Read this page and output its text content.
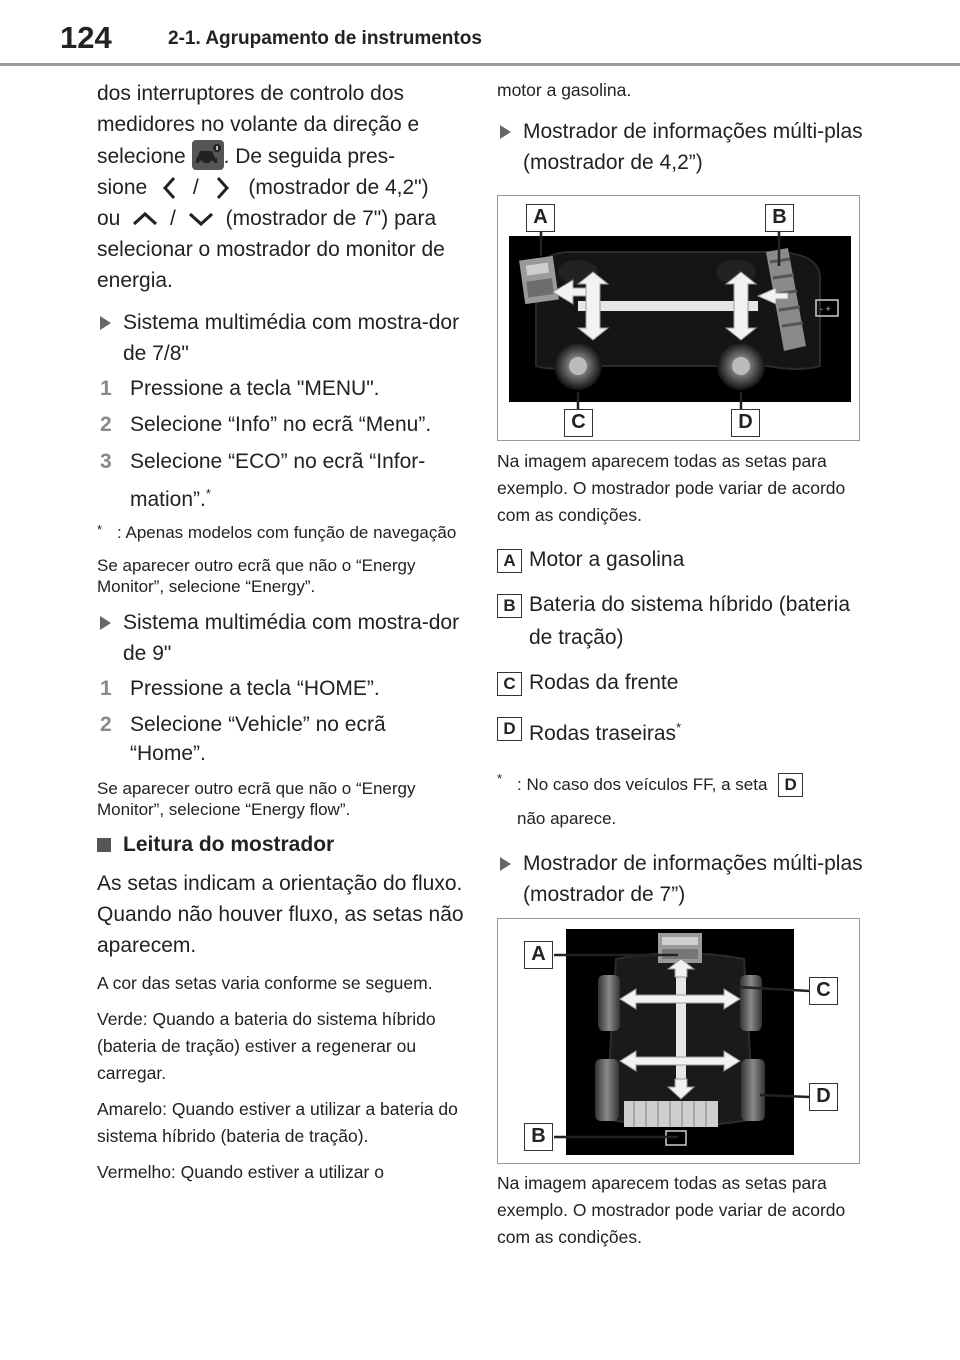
124	2-1. Agrupamento de instrumentos
dos interruptores de controlo dos medidores no volante da direção e selecione . De seguida pres-
sione / (mostrador de 4,2")
ou / (mostrador de 7") para
selecionar o mostrador do monitor de energia.
Sistema multimédia com mostra-dor de 7/8"
1 Pressione a tecla "MENU".
2 Selecione “Info” no ecrã “Menu”.
3 Selecione “ECO” no ecrã “Infor-mation”.*
* : Apenas modelos com função de navegação
Se aparecer outro ecrã que não o “Energy Monitor”, selecione “Energy”.
Sistema multimédia com mostra-dor de 9"
1 Pressione a tecla “HOME”.
2 Selecione “Vehicle” no ecrã “Home”.
Se aparecer outro ecrã que não o “Energy Monitor”, selecione “Energy flow”.
Leitura do mostrador
As setas indicam a orientação do fluxo. Quando não houver fluxo, as setas não aparecem.
A cor das setas varia conforme se seguem.
Verde: Quando a bateria do sistema híbrido (bateria de tração) estiver a regenerar ou carregar.
Amarelo: Quando estiver a utilizar a bateria do sistema híbrido (bateria de tração).
Vermelho: Quando estiver a utilizar o
motor a gasolina.
Mostrador de informações múlti-plas (mostrador de 4,2”)
- +
A	B
C	D
Na imagem aparecem todas as setas para exemplo. O mostrador pode variar de acordo com as condições.
A Motor a gasolina
B Bateria do sistema híbrido (bateria de tração)
C Rodas da frente
D Rodas traseiras*
* : No caso dos veículos FF, a seta D
não aparece.
Mostrador de informações múlti-plas (mostrador de 7”)
A
B
C
D
Na imagem aparecem todas as setas para exemplo. O mostrador pode variar de acordo com as condições.
